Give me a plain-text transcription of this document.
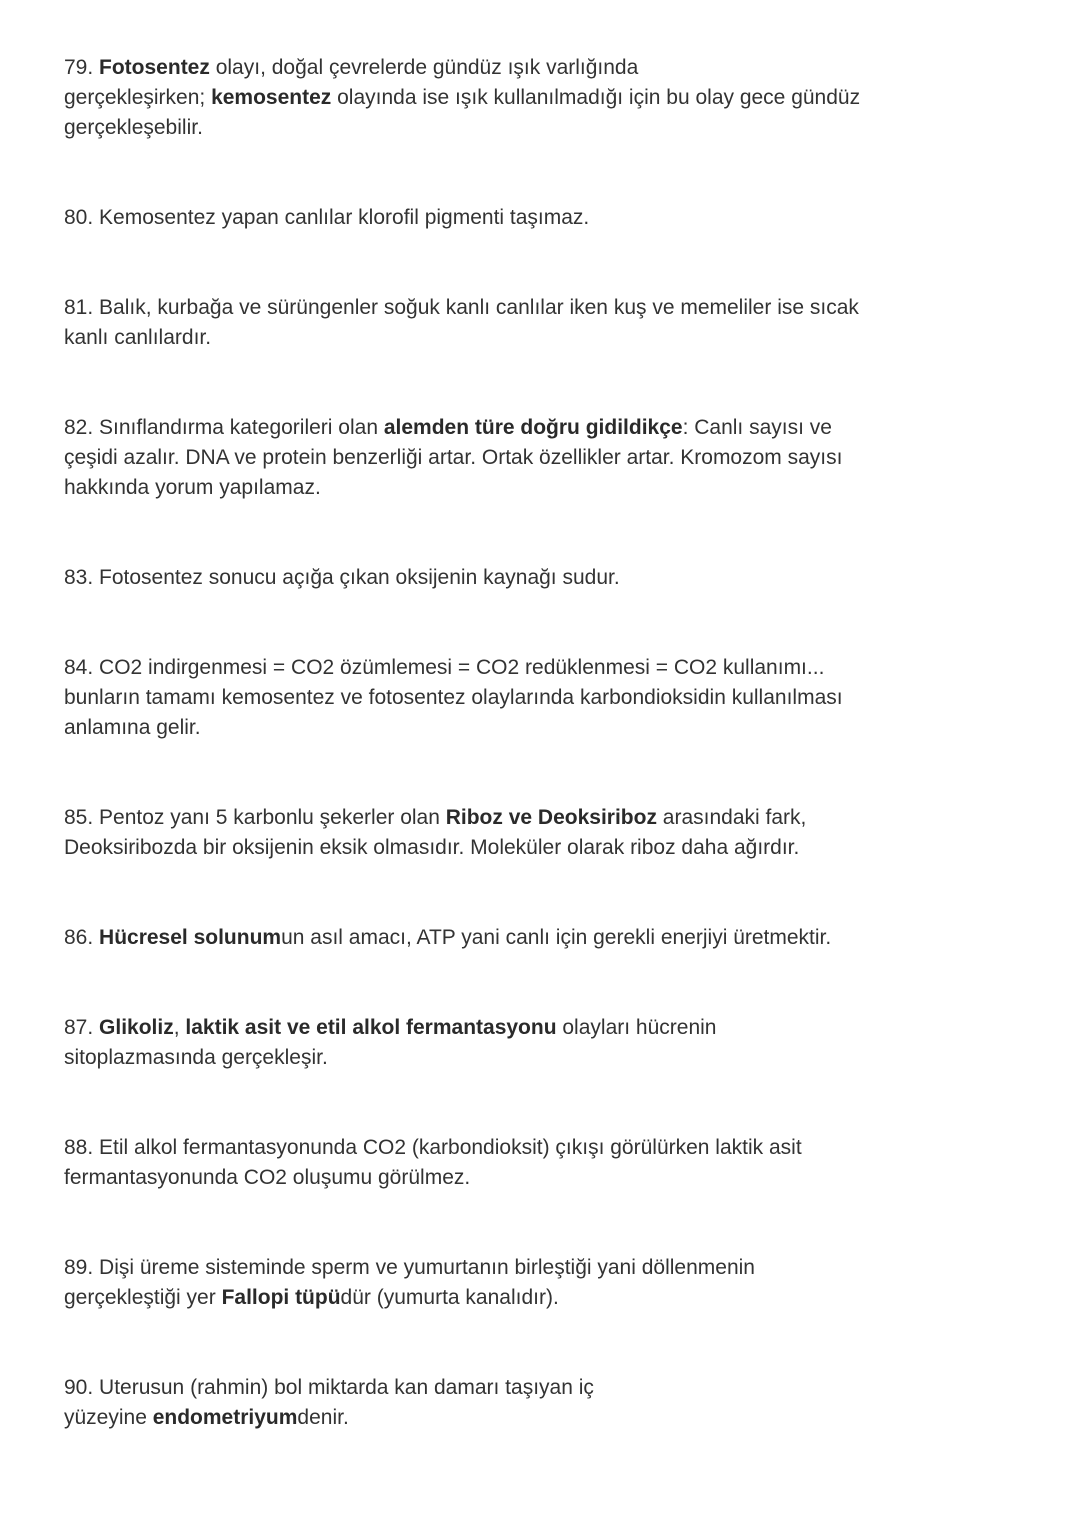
79. Fotosentez olayı, doğal çevrelerde gündüz ışık varlığında
gerçekleşirken; kemosentez olayında ise ışık kullanılmadığı için bu olay gece gündüz
gerçekleşebilir.

80. Kemosentez yapan canlılar klorofil pigmenti taşımaz.

81. Balık, kurbağa ve sürüngenler soğuk kanlı canlılar iken kuş ve memeliler ise sıcak
kanlı canlılardır.

82. Sınıflandırma kategorileri olan alemden türe doğru gidildikçe: Canlı sayısı ve
çeşidi azalır. DNA ve protein benzerliği artar. Ortak özellikler artar. Kromozom sayısı
hakkında yorum yapılamaz.

83. Fotosentez sonucu açığa çıkan oksijenin kaynağı sudur.

84. CO2 indirgenmesi = CO2 özümlemesi = CO2 redüklenmesi = CO2 kullanımı...
bunların tamamı kemosentez ve fotosentez olaylarında karbondioksidin kullanılması
anlamına gelir.

85. Pentoz yanı 5 karbonlu şekerler olan Riboz ve Deoksiriboz arasındaki fark,
Deoksiribozda bir oksijenin eksik olmasıdır. Moleküler olarak riboz daha ağırdır.

86. Hücresel solunumun asıl amacı, ATP yani canlı için gerekli enerjiyi üretmektir.

87. Glikoliz, laktik asit ve etil alkol fermantasyonu olayları hücrenin
sitoplazmasında gerçekleşir.

88. Etil alkol fermantasyonunda CO2 (karbondioksit) çıkışı görülürken laktik asit
fermantasyonunda CO2 oluşumu görülmez.

89. Dişi üreme sisteminde sperm ve yumurtanın birleştiği yani döllenmenin
gerçekleştiği yer Fallopi tüpüdür (yumurta kanalıdır).

90. Uterusun (rahmin) bol miktarda kan damarı taşıyan iç
yüzeyine endometriyumdenir.
